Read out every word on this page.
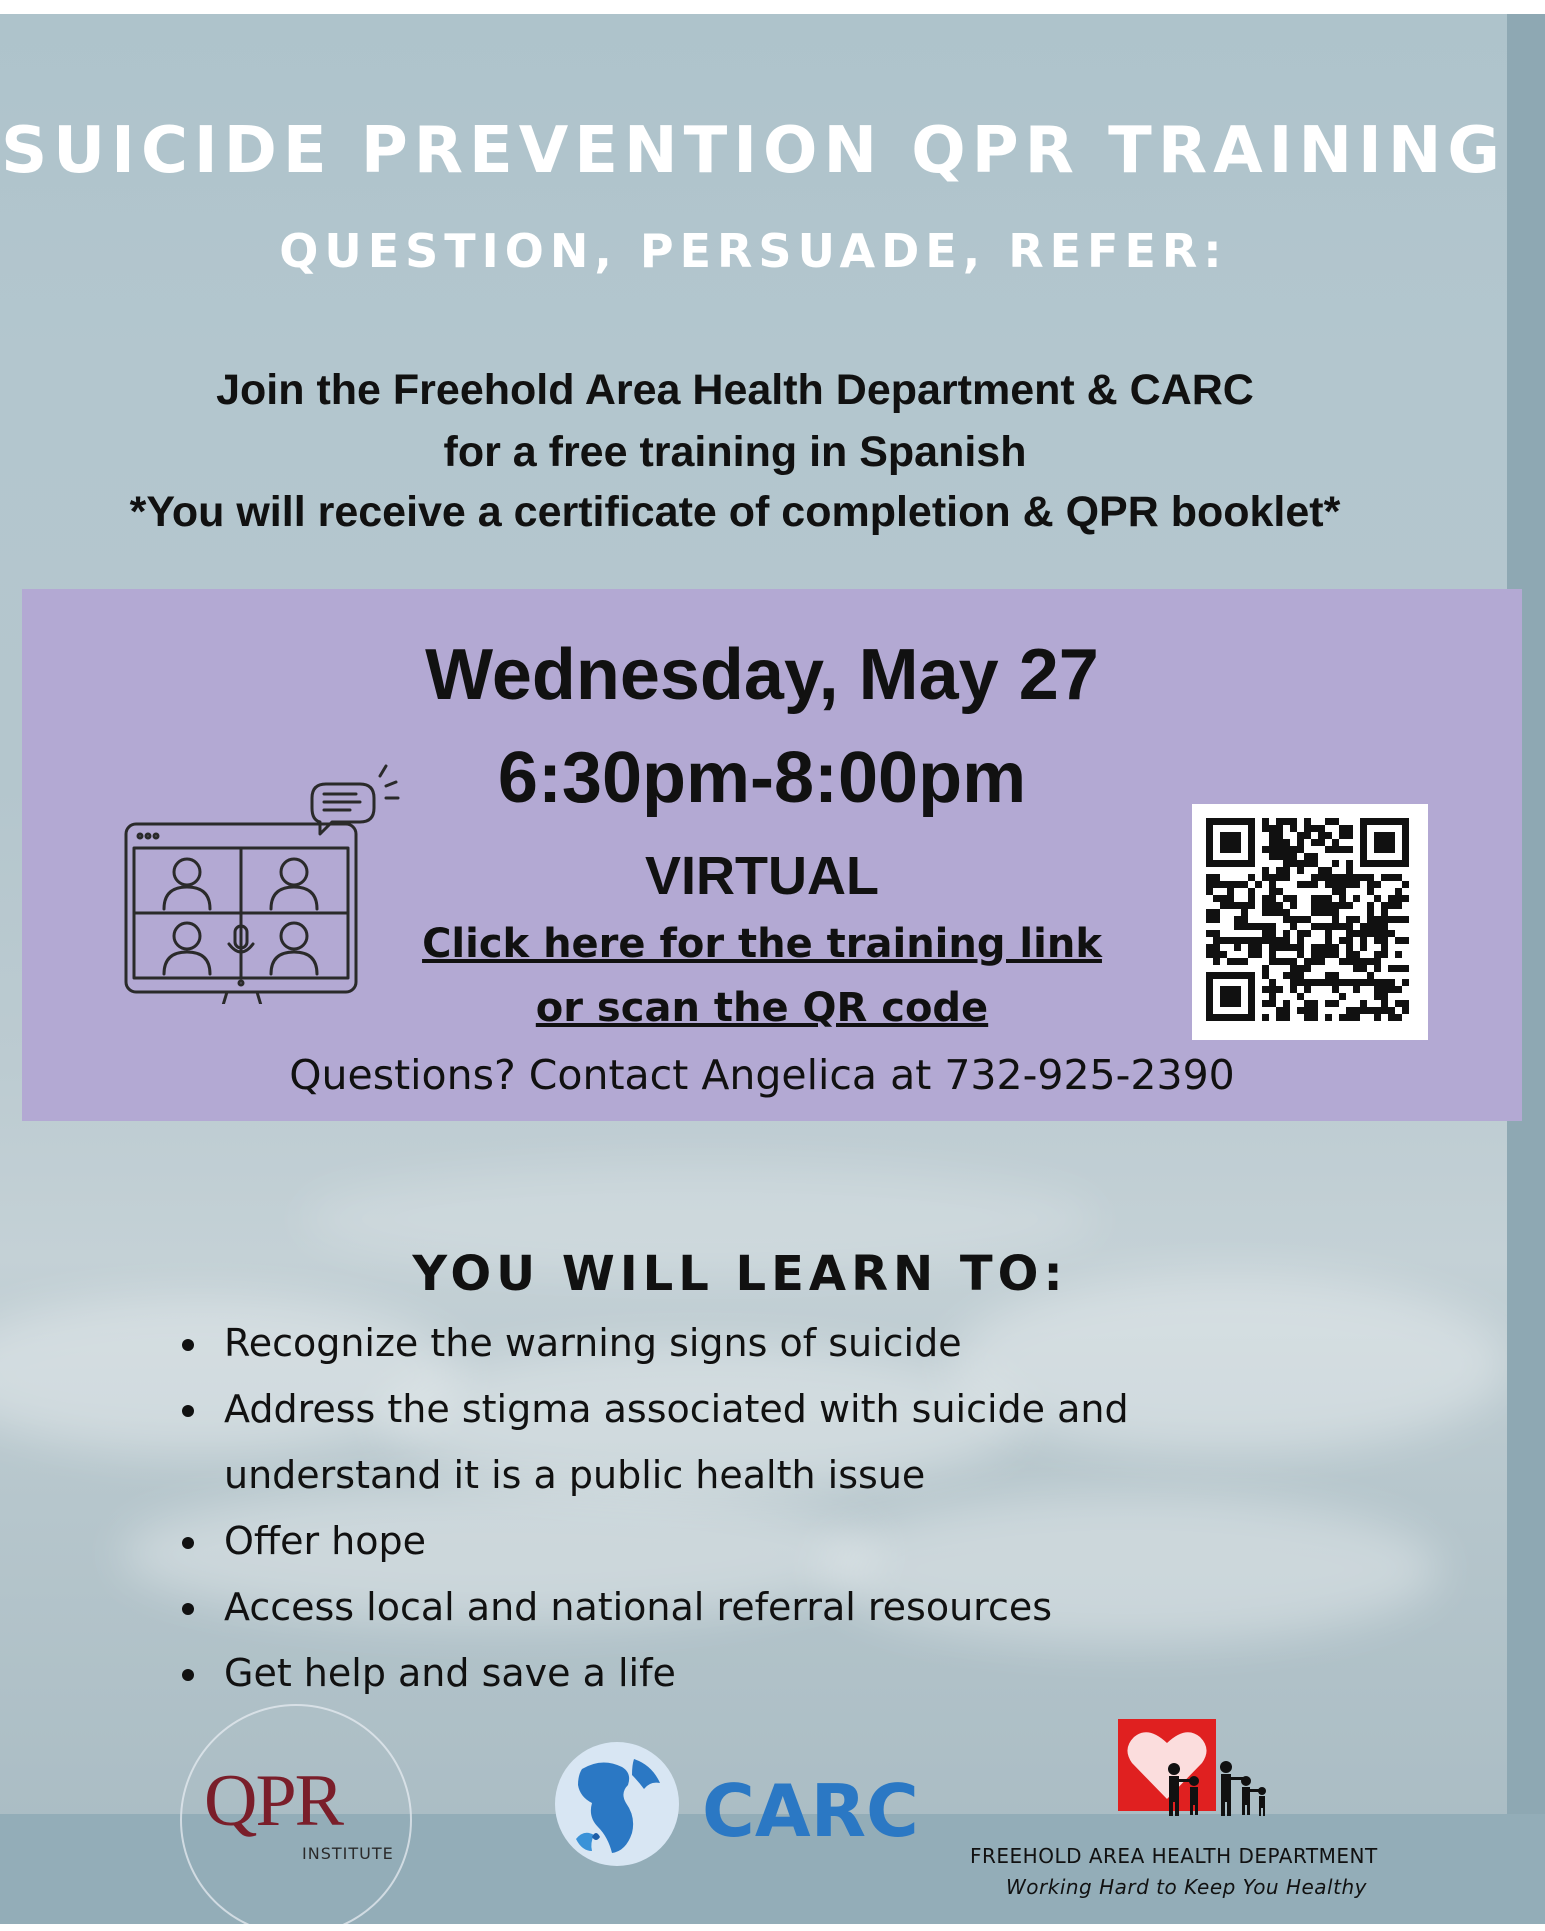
SUICIDE PREVENTION QPR TRAINING
QUESTION, PERSUADE, REFER:
Join the Freehold Area Health Department & CARC
for a free training in Spanish
*You will receive a certificate of completion & QPR booklet*
Wednesday, May 27
6:30pm-8:00pm
VIRTUAL
Click here for the training link
or scan the QR code
Questions? Contact Angelica at 732-925-2390
YOU WILL LEARN TO:
Recognize the warning signs of suicide
Address the stigma associated with suicide and
understand it is a public health issue
Offer hope
Access local and national referral resources
Get help and save a life
QPR
INSTITUTE
CARC
FREEHOLD AREA HEALTH DEPARTMENT
Working Hard to Keep You Healthy
